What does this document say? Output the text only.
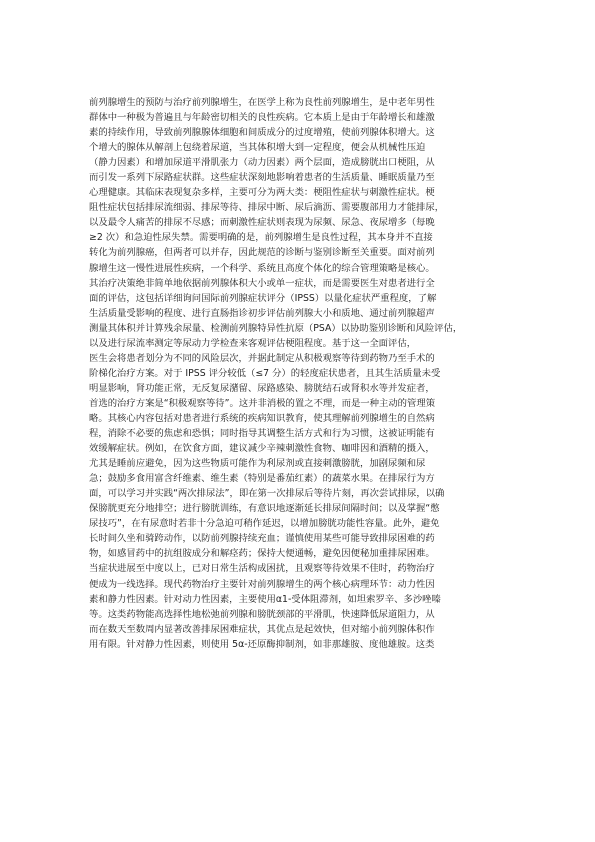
前列腺增生的预防与治疗前列腺增生，在医学上称为良性前列腺增生，是中老年男性
群体中一种极为普遍且与年龄密切相关的良性疾病。它本质上是由于年龄增长和雄激
素的持续作用，导致前列腺腺体细胞和间质成分的过度增殖，使前列腺体积增大。这
个增大的腺体从解剖上包绕着尿道，当其体积增大到一定程度，便会从机械性压迫
（静力因素）和增加尿道平滑肌张力（动力因素）两个层面，造成膀胱出口梗阻，从
而引发一系列下尿路症状群。这些症状深刻地影响着患者的生活质量、睡眠质量乃至
心理健康。其临床表现复杂多样，主要可分为两大类：梗阻性症状与刺激性症状。梗
阻性症状包括排尿流细弱、排尿等待、排尿中断、尿后滴沥、需要腹部用力才能排尿，
以及最令人痛苦的排尿不尽感；而刺激性症状则表现为尿频、尿急、夜尿增多（每晚
≥2 次）和急迫性尿失禁。需要明确的是，前列腺增生是良性过程，其本身并不直接
转化为前列腺癌，但两者可以并存，因此规范的诊断与鉴别诊断至关重要。面对前列
腺增生这一慢性进展性疾病，一个科学、系统且高度个体化的综合管理策略是核心。
其治疗决策绝非简单地依据前列腺体积大小或单一症状，而是需要医生对患者进行全
面的评估，这包括详细询问国际前列腺症状评分（IPSS）以量化症状严重程度，了解
生活质量受影响的程度、进行直肠指诊初步评估前列腺大小和质地、通过前列腺超声
测量其体积并计算残余尿量、检测前列腺特异性抗原（PSA）以协助鉴别诊断和风险评估，
以及进行尿流率测定等尿动力学检查来客观评估梗阻程度。基于这一全面评估，
医生会将患者划分为不同的风险层次，并据此制定从积极观察等待到药物乃至手术的
阶梯化治疗方案。对于 IPSS 评分较低（≤7 分）的轻度症状患者，且其生活质量未受
明显影响，肾功能正常，无反复尿潴留、尿路感染、膀胱结石或肾积水等并发症者，
首选的治疗方案是“积极观察等待”。这并非消极的置之不理，而是一种主动的管理策
略。其核心内容包括对患者进行系统的疾病知识教育，使其理解前列腺增生的自然病
程，消除不必要的焦虑和恐惧；同时指导其调整生活方式和行为习惯，这被证明能有
效缓解症状。例如，在饮食方面，建议减少辛辣刺激性食物、咖啡因和酒精的摄入，
尤其是睡前应避免，因为这些物质可能作为利尿剂或直接刺激膀胱，加剧尿频和尿
急；鼓励多食用富含纤维素、维生素（特别是番茄红素）的蔬菜水果。在排尿行为方
面，可以学习并实践“两次排尿法”，即在第一次排尿后等待片刻，再次尝试排尿，以确
保膀胱更充分地排空；进行膀胱训练，有意识地逐渐延长排尿间隔时间；以及掌握“憋
尿技巧”，在有尿意时若非十分急迫可稍作延迟，以增加膀胱功能性容量。此外，避免
长时间久坐和骑跨动作，以防前列腺持续充血；谨慎使用某些可能导致排尿困难的药
物，如感冒药中的抗组胺成分和解痉药；保持大便通畅，避免因便秘加重排尿困难。
当症状进展至中度以上，已对日常生活构成困扰，且观察等待效果不佳时，药物治疗
便成为一线选择。现代药物治疗主要针对前列腺增生的两个核心病理环节：动力性因
素和静力性因素。针对动力性因素，主要使用α1-受体阻滞剂，如坦索罗辛、多沙唑嗪
等。这类药物能高选择性地松弛前列腺和膀胱颈部的平滑肌，快速降低尿道阻力，从
而在数天至数周内显著改善排尿困难症状，其优点是起效快，但对缩小前列腺体积作
用有限。针对静力性因素，则使用 5α-还原酶抑制剂，如非那雄胺、度他雄胺。这类
